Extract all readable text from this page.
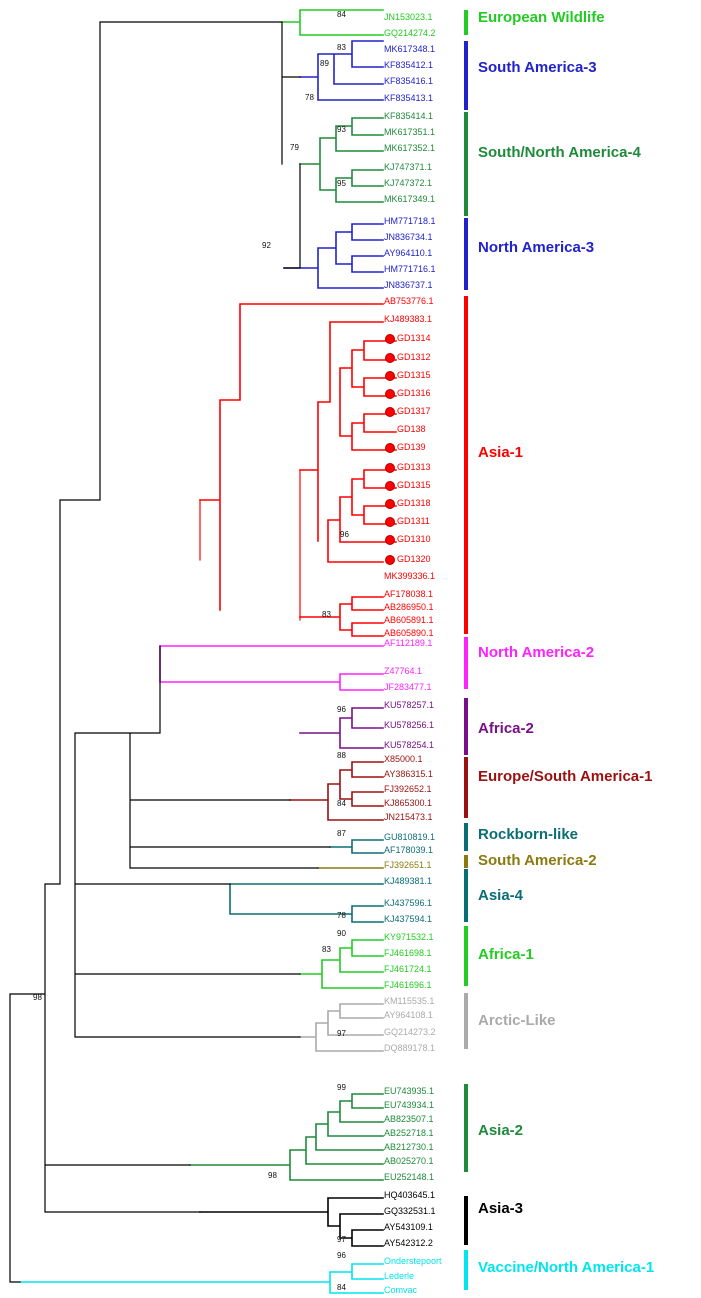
JN153023.1
GQ214274.2
MK617348.1
KF835412.1
KF835416.1
KF835413.1
KF835414.1
MK617351.1
MK617352.1
KJ747371.1
KJ747372.1
MK617349.1
HM771718.1
JN836734.1
AY964110.1
HM771716.1
JN836737.1
AB753776.1
KJ489383.1
GD1314
GD1312
GD1315
GD1316
GD1317
GD138
GD139
GD1313
GD1315
GD1318
GD1311
GD1310
GD1320
MK399336.1
AF178038.1
AB286950.1
AB605891.1
AB605890.1
AF112189.1
Z47764.1
JF283477.1
KU578257.1
KU578256.1
KU578254.1
X85000.1
AY386315.1
FJ392652.1
KJ865300.1
JN215473.1
GU810819.1
AF178039.1
FJ392651.1
KJ489381.1
KJ437596.1
KJ437594.1
KY971532.1
FJ461698.1
FJ461724.1
FJ461696.1
KM115535.1
AY964108.1
GQ214273.2
DQ889178.1
EU743935.1
EU743934.1
AB823507.1
AB252718.1
AB212730.1
AB025270.1
EU252148.1
HQ403645.1
GQ332531.1
AY543109.1
AY542312.2
Onderstepoort
Lederle
Comvac
84
83
89
78
93
79
95
92
96
83
96
88
84
87
78
90
83
97
99
98
97
96
84
98
European Wildlife
South America-3
South/North America-4
North America-3
Asia-1
North America-2
Africa-2
Europe/South America-1
Rockborn-like
South America-2
Asia-4
Africa-1
Arctic-Like
Asia-2
Asia-3
Vaccine/North America-1
